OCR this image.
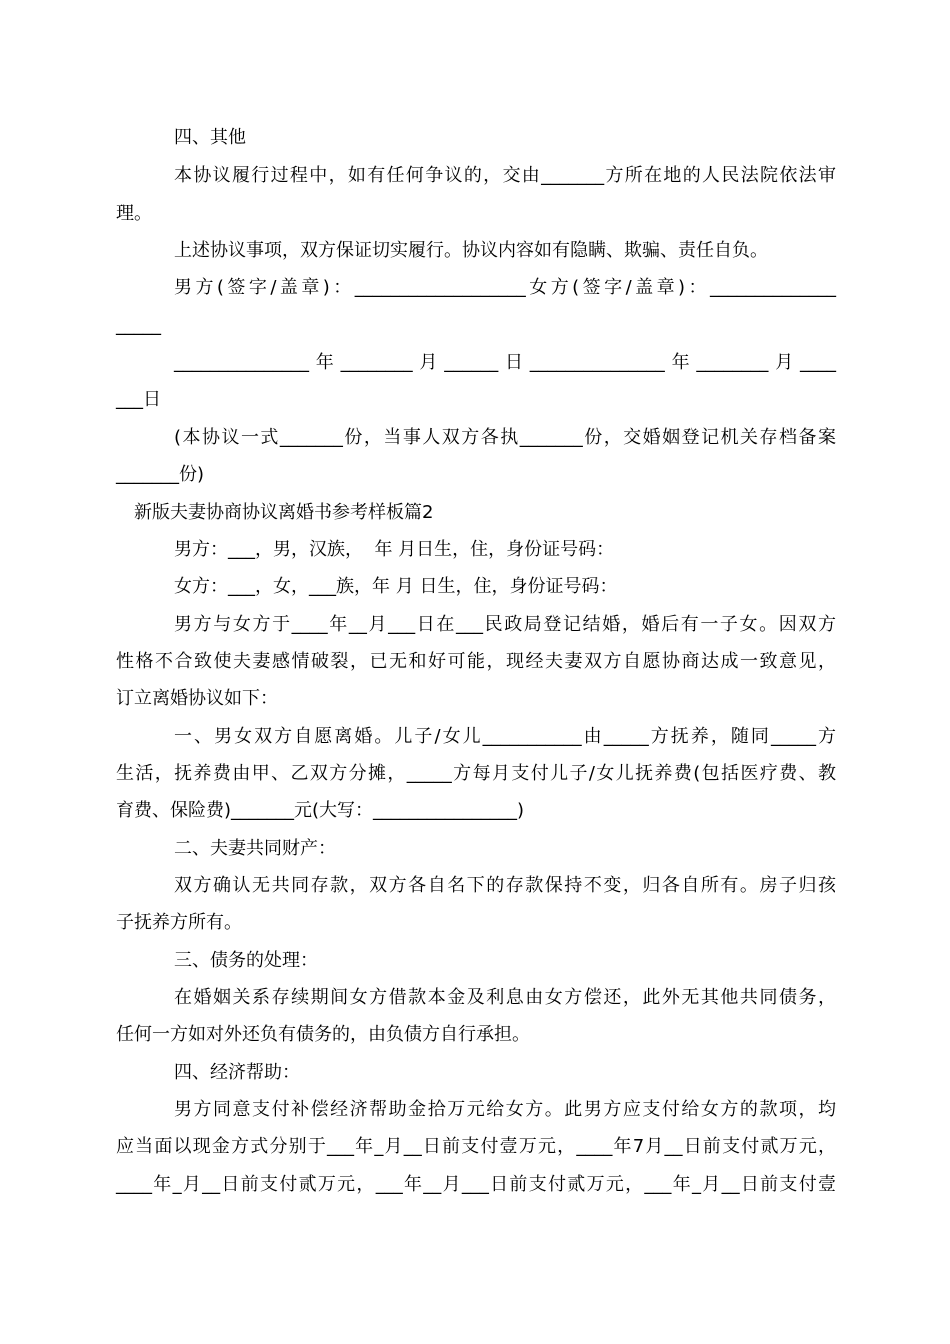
四、其他
本协议履行过程中，如有任何争议的，交由_______方所在地的人民法院依法审
理。
上述协议事项，双方保证切实履行。协议内容如有隐瞒、欺骗、责任自负。
男方(签字/盖章)：___________________女方(签字/盖章)：______________
_____
_______________年________月______日_______________年________月____
___日
(本协议一式_______份，当事人双方各执_______份，交婚姻登记机关存档备案
_______份)
新版夫妻协商协议离婚书参考样板篇2
男方：___，男，汉族，  年 月日生，住，身份证号码：
女方：___，女，___族，年 月 日生，住，身份证号码：
男方与女方于____年__月___日在___民政局登记结婚，婚后有一子女。因双方
性格不合致使夫妻感情破裂，已无和好可能，现经夫妻双方自愿协商达成一致意见，
订立离婚协议如下：
一、男女双方自愿离婚。儿子/女儿___________由_____方抚养，随同_____方
生活，抚养费由甲、乙双方分摊，_____方每月支付儿子/女儿抚养费(包括医疗费、教
育费、保险费)_______元(大写：________________)
二、夫妻共同财产：
双方确认无共同存款，双方各自名下的存款保持不变，归各自所有。房子归孩
子抚养方所有。
三、债务的处理：
在婚姻关系存续期间女方借款本金及利息由女方偿还，此外无其他共同债务，
任何一方如对外还负有债务的，由负债方自行承担。
四、经济帮助：
男方同意支付补偿经济帮助金拾万元给女方。此男方应支付给女方的款项，均
应当面以现金方式分别于___年_月__日前支付壹万元，____年7月__日前支付贰万元，
____年_月__日前支付贰万元，___年__月___日前支付贰万元，___年_月__日前支付壹
